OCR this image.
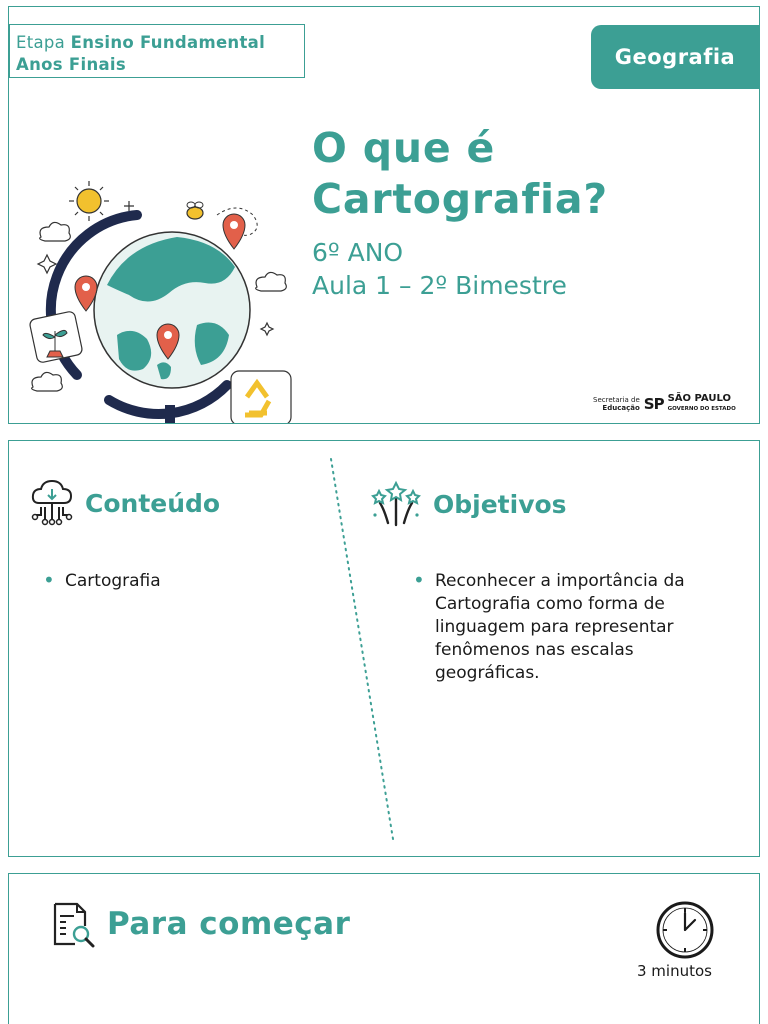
Etapa Ensino Fundamental
Anos Finais	Geografia
O que é
Cartografia?
6º ANO
Aula 1 – 2º Bimestre
Secretaria de
Educação SP SÃO PAULO
GOVERNO DO ESTADO
Conteúdo
• Cartografia
Objetivos
• Reconhecer a importância da Cartografia como forma de linguagem para representar fenômenos nas escalas geográficas.
Para começar
3 minutos
